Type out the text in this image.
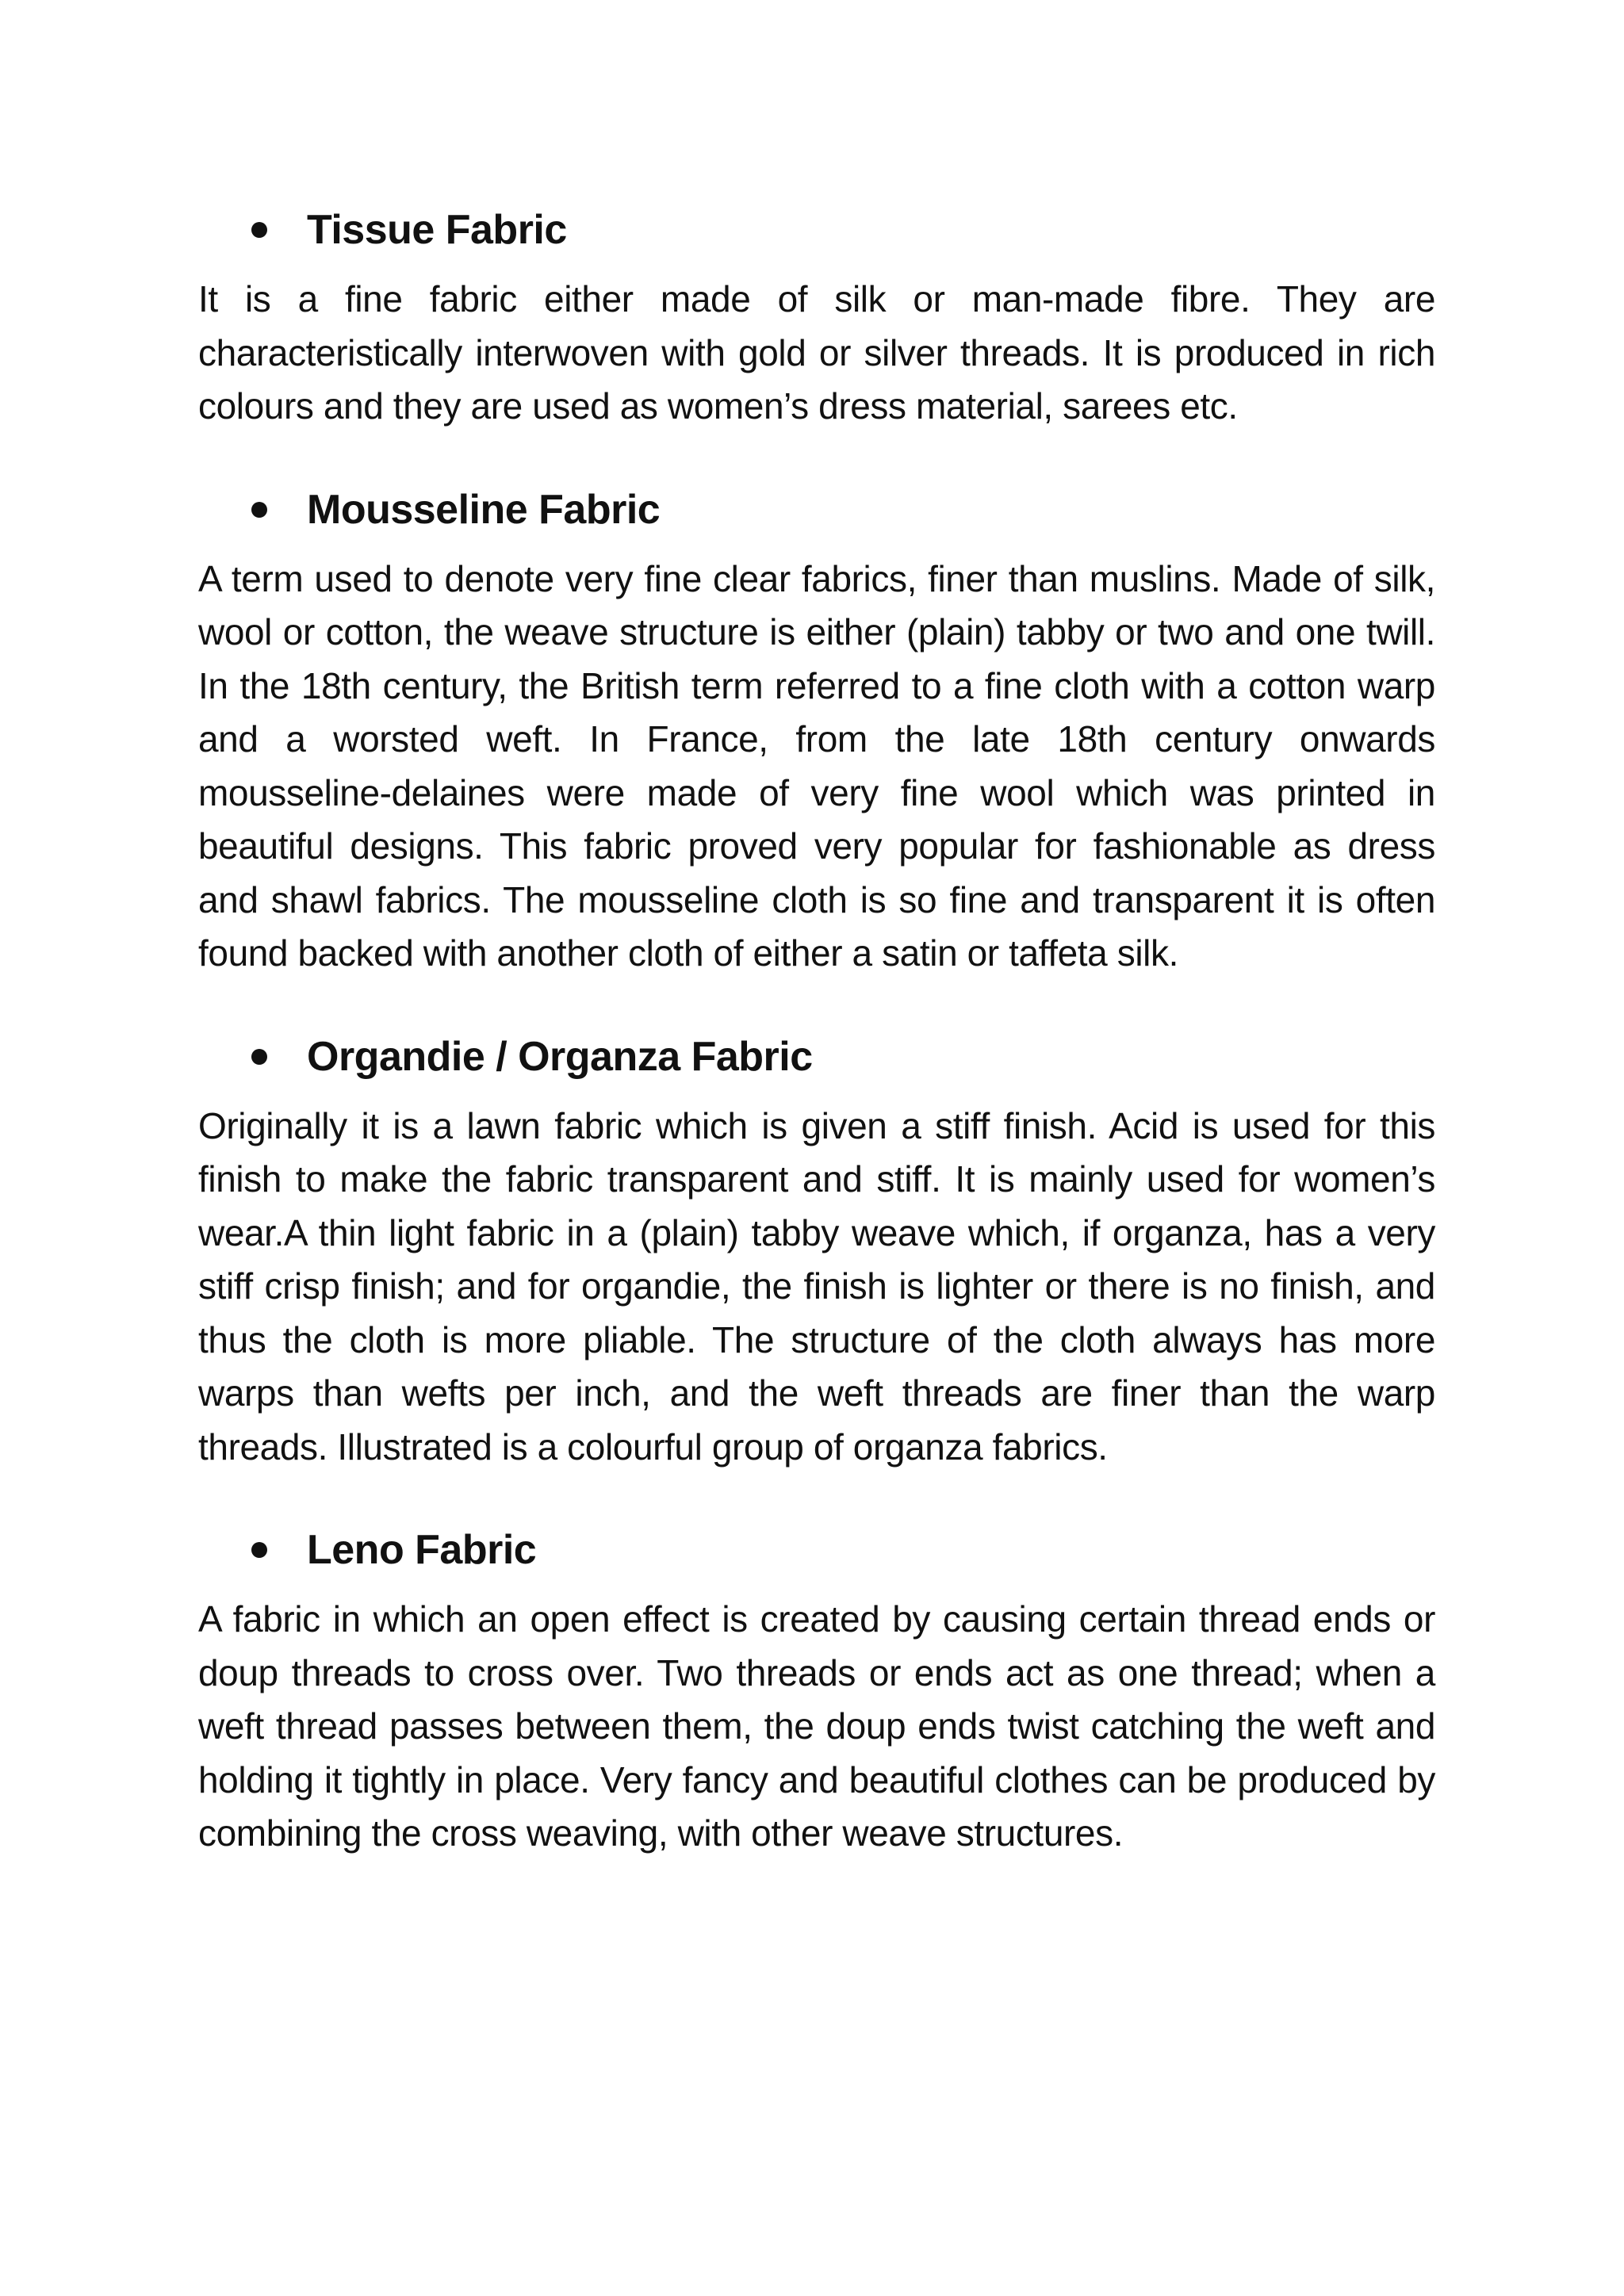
Tissue Fabric

It is a fine fabric either made of silk or man-made fibre. They are characteristically interwoven with gold or silver threads. It is produced in rich colours and they are used as women’s dress material, sarees etc.

Mousseline Fabric

A term used to denote very fine clear fabrics, finer than muslins. Made of silk, wool or cotton, the weave structure is either (plain) tabby or two and one twill. In the 18th century, the British term referred to a fine cloth with a cotton warp and a worsted weft. In France, from the late 18th century onwards mousseline-delaines were made of very fine wool which was printed in beautiful designs. This fabric proved very popular for fashionable as dress and shawl fabrics. The mousseline cloth is so fine and transparent it is often found backed with another cloth of either a satin or taffeta silk.

Organdie / Organza Fabric

Originally it is a lawn fabric which is given a stiff finish. Acid is used for this finish to make the fabric transparent and stiff. It is mainly used for women’s wear.A thin light fabric in a (plain) tabby weave which, if organza, has a very stiff crisp finish; and for organdie, the finish is lighter or there is no finish, and thus the cloth is more pliable. The structure of the cloth always has more warps than wefts per inch, and the weft threads are finer than the warp threads. Illustrated is a colourful group of organza fabrics.

Leno Fabric

A fabric in which an open effect is created by causing certain thread ends or doup threads to cross over. Two threads or ends act as one thread; when a weft thread passes between them, the doup ends twist catching the weft and holding it tightly in place. Very fancy and beautiful clothes can be produced by combining the cross weaving, with other weave structures.
